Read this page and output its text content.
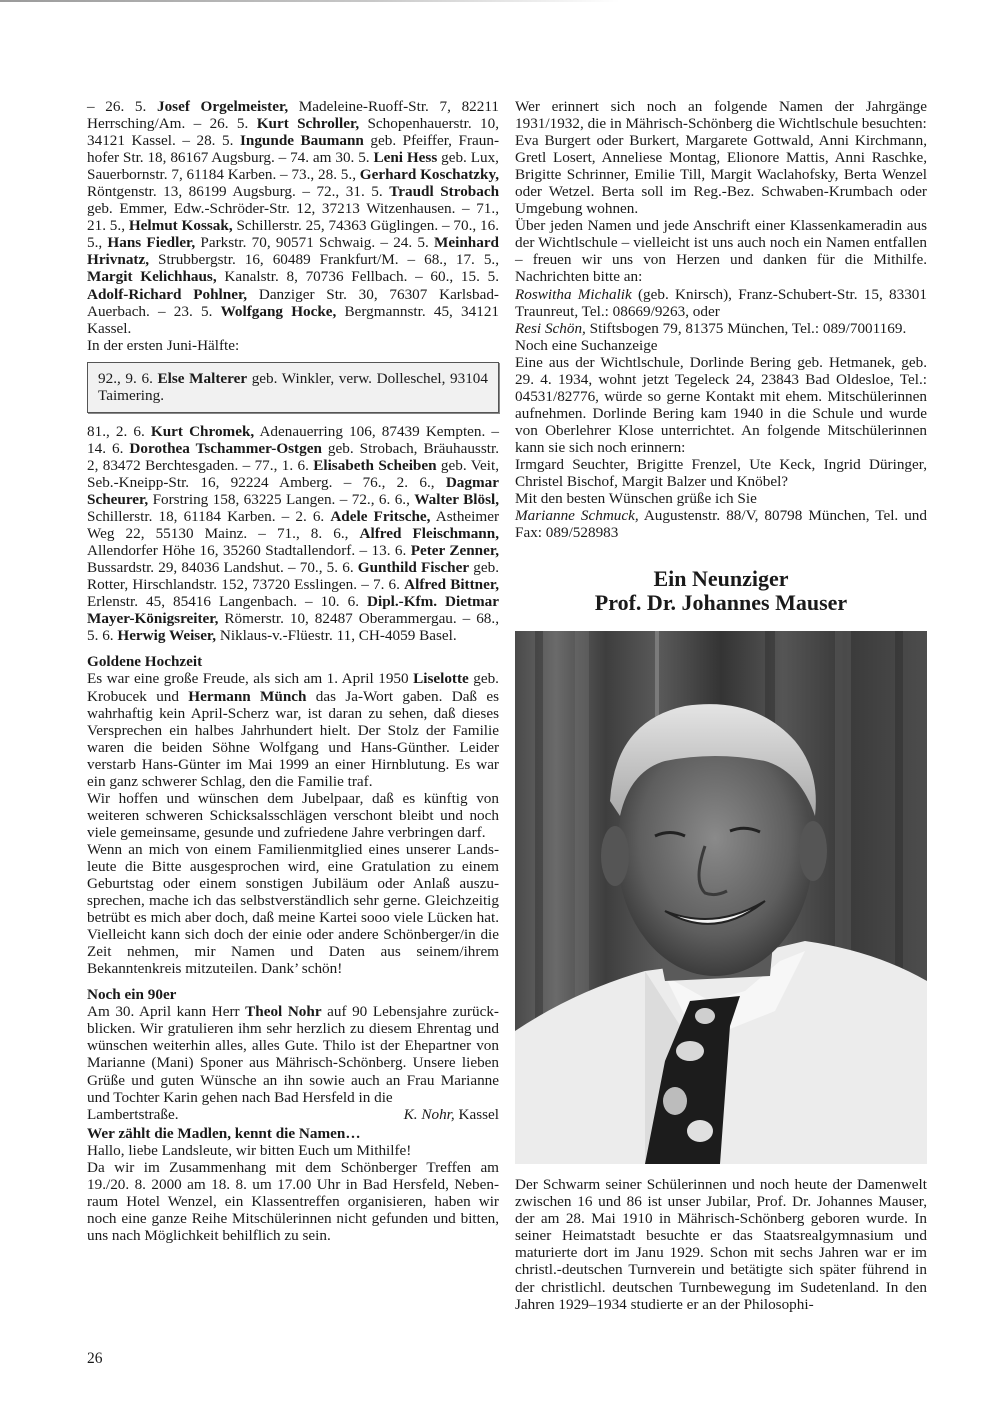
– 26. 5. Josef Orgelmeister, Madeleine-Ruoff-Str. 7, 82211 Herrsching/Am. – 26. 5. Kurt Schroller, Schopenhauerstr. 10, 34121 Kassel. – 28. 5. Ingunde Baumann geb. Pfeiffer, Fraunhofer Str. 18, 86167 Augsburg. – 74. am 30. 5. Leni Hess geb. Lux, Sauerbornstr. 7, 61184 Karben. – 73., 28. 5., Gerhard Koschatzky, Röntgenstr. 13, 86199 Augsburg. – 72., 31. 5. Traudl Strobach geb. Emmer, Edw.-Schröder-Str. 12, 37213 Witzenhausen. – 71., 21. 5., Helmut Kossak, Schillerstr. 25, 74363 Güglingen. – 70., 16. 5., Hans Fiedler, Parkstr. 70, 90571 Schwaig. – 24. 5. Meinhard Hrivnatz, Strubbergstr. 16, 60489 Frankfurt/M. – 68., 17. 5., Margit Kelichhaus, Kanalstr. 8, 70736 Fellbach. – 60., 15. 5. Adolf-Richard Pohlner, Danziger Str. 30, 76307 Karlsbad-Auerbach. – 23. 5. Wolfgang Hocke, Bergmannstr. 45, 34121 Kassel.

In der ersten Juni-Hälfte:

92., 9. 6. Else Malterer geb. Winkler, verw. Dolleschel, 93104 Taimering.

81., 2. 6. Kurt Chromek, Adenauerring 106, 87439 Kempten. – 14. 6. Dorothea Tschammer-Ostgen geb. Strobach, Bräuhausstr. 2, 83472 Berchtesgaden. – 77., 1. 6. Elisabeth Scheiben geb. Veit, Seb.-Kneipp-Str. 16, 92224 Amberg. – 76., 2. 6., Dagmar Scheurer, Forstring 158, 63225 Langen. – 72., 6. 6., Walter Blösl, Schillerstr. 18, 61184 Karben. – 2. 6. Adele Fritsche, Astheimer Weg 22, 55130 Mainz. – 71., 8. 6., Alfred Fleischmann, Allendorfer Höhe 16, 35260 Stadtallendorf. – 13. 6. Peter Zenner, Bussardstr. 29, 84036 Landshut. – 70., 5. 6. Gunthild Fischer geb. Rotter, Hirschlandstr. 152, 73720 Esslingen. – 7. 6. Alfred Bittner, Erlenstr. 45, 85416 Langenbach. – 10. 6. Dipl.-Kfm. Dietmar Mayer-Königsreiter, Römerstr. 10, 82487 Oberammergau. – 68., 5. 6. Herwig Weiser, Niklaus-v.-Flüestr. 11, CH-4059 Basel.

Goldene Hochzeit

Es war eine große Freude, als sich am 1. April 1950 Liselotte geb. Krobucek und Hermann Münch das Ja-Wort gaben. Daß es wahrhaftig kein April-Scherz war, ist daran zu sehen, daß dieses Versprechen ein halbes Jahrhundert hielt. Der Stolz der Familie waren die beiden Söhne Wolfgang und Hans-Günther. Leider verstarb Hans-Günter im Mai 1999 an einer Hirnblutung. Es war ein ganz schwerer Schlag, den die Familie traf.

Wir hoffen und wünschen dem Jubelpaar, daß es künftig von weiteren schweren Schicksalsschlägen verschont bleibt und noch viele gemeinsame, gesunde und zufriedene Jahre verbringen darf.

Wenn an mich von einem Familienmitglied eines unserer Landsleute die Bitte ausgesprochen wird, eine Gratulation zu einem Geburtstag oder einem sonstigen Jubiläum oder Anlaß auszusprechen, mache ich das selbstverständlich sehr gerne. Gleichzeitig betrübt es mich aber doch, daß meine Kartei sooo viele Lücken hat. Vielleicht kann sich doch der einie oder andere Schönberger/in die Zeit nehmen, mir Namen und Daten aus seinem/ihrem Bekanntenkreis mitzuteilen. Dank’ schön!

Noch ein 90er

Am 30. April kann Herr Theol Nohr auf 90 Lebensjahre zurückblicken. Wir gratulieren ihm sehr herzlich zu diesem Ehrentag und wünschen weiterhin alles, alles Gute. Thilo ist der Ehepartner von Marianne (Mani) Sponer aus Mährisch-Schönberg. Unsere lieben Grüße und guten Wünsche an ihn sowie auch an Frau Marianne und Tochter Karin gehen nach Bad Hersfeld in die

Lambertstraße.	K. Nohr, Kassel

Wer zählt die Madlen, kennt die Namen…

Hallo, liebe Landsleute, wir bitten Euch um Mithilfe!

Da wir im Zusammenhang mit dem Schönberger Treffen am 19./20. 8. 2000 am 18. 8. um 17.00 Uhr in Bad Hersfeld, Nebenraum Hotel Wenzel, ein Klassentreffen organisieren, haben wir noch eine ganze Reihe Mitschülerinnen nicht gefunden und bitten, uns nach Möglichkeit behilflich zu sein.

Wer erinnert sich noch an folgende Namen der Jahrgänge 1931/1932, die in Mährisch-Schönberg die Wichtlschule besuchten:

Eva Burgert oder Burkert, Margarete Gottwald, Anni Kirchmann, Gretl Losert, Anneliese Montag, Elionore Mattis, Anni Raschke, Brigitte Schrinner, Emilie Till, Margit Waclahofsky, Berta Wenzel oder Wetzel. Berta soll im Reg.-Bez. Schwaben-Krumbach oder Umgebung wohnen.

Über jeden Namen und jede Anschrift einer Klassenkameradin aus der Wichtlschule – vielleicht ist uns auch noch ein Namen entfallen – freuen wir uns von Herzen und danken für die Mithilfe. Nachrichten bitte an:

Roswitha Michalik (geb. Knirsch), Franz-Schubert-Str. 15, 83301 Traunreut, Tel.: 08669/9263, oder

Resi Schön, Stiftsbogen 79, 81375 München, Tel.: 089/7001169.

Noch eine Suchanzeige

Eine aus der Wichtlschule, Dorlinde Bering geb. Hetmanek, geb. 29. 4. 1934, wohnt jetzt Tegeleck 24, 23843 Bad Oldesloe, Tel.: 04531/82776, würde so gerne Kontakt mit ehem. Mitschülerinnen aufnehmen. Dorlinde Bering kam 1940 in die Schule und wurde von Oberlehrer Klose unterrichtet. An folgende Mitschülerinnen kann sie sich noch erinnern:

Irmgard Seuchter, Brigitte Frenzel, Ute Keck, Ingrid Düringer, Christel Bischof, Margit Balzer und Knöbel?

Mit den besten Wünschen grüße ich Sie

Marianne Schmuck, Augustenstr. 88/V, 80798 München, Tel. und Fax: 089/528983

Ein Neunziger
Prof. Dr. Johannes Mauser

Der Schwarm seiner Schülerinnen und noch heute der Damenwelt zwischen 16 und 86 ist unser Jubilar, Prof. Dr. Johannes Mauser, der am 28. Mai 1910 in Mährisch-Schönberg geboren wurde. In seiner Heimatstadt besuchte er das Staatsrealgymnasium und maturierte dort im Janu 1929. Schon mit sechs Jahren war er im christl.-deutschen Turnverein und betätigte sich später führend in der christlichl. deutschen Turnbewegung im Sudetenland. In den Jahren 1929–1934 studierte er an der Philosophi-

26
